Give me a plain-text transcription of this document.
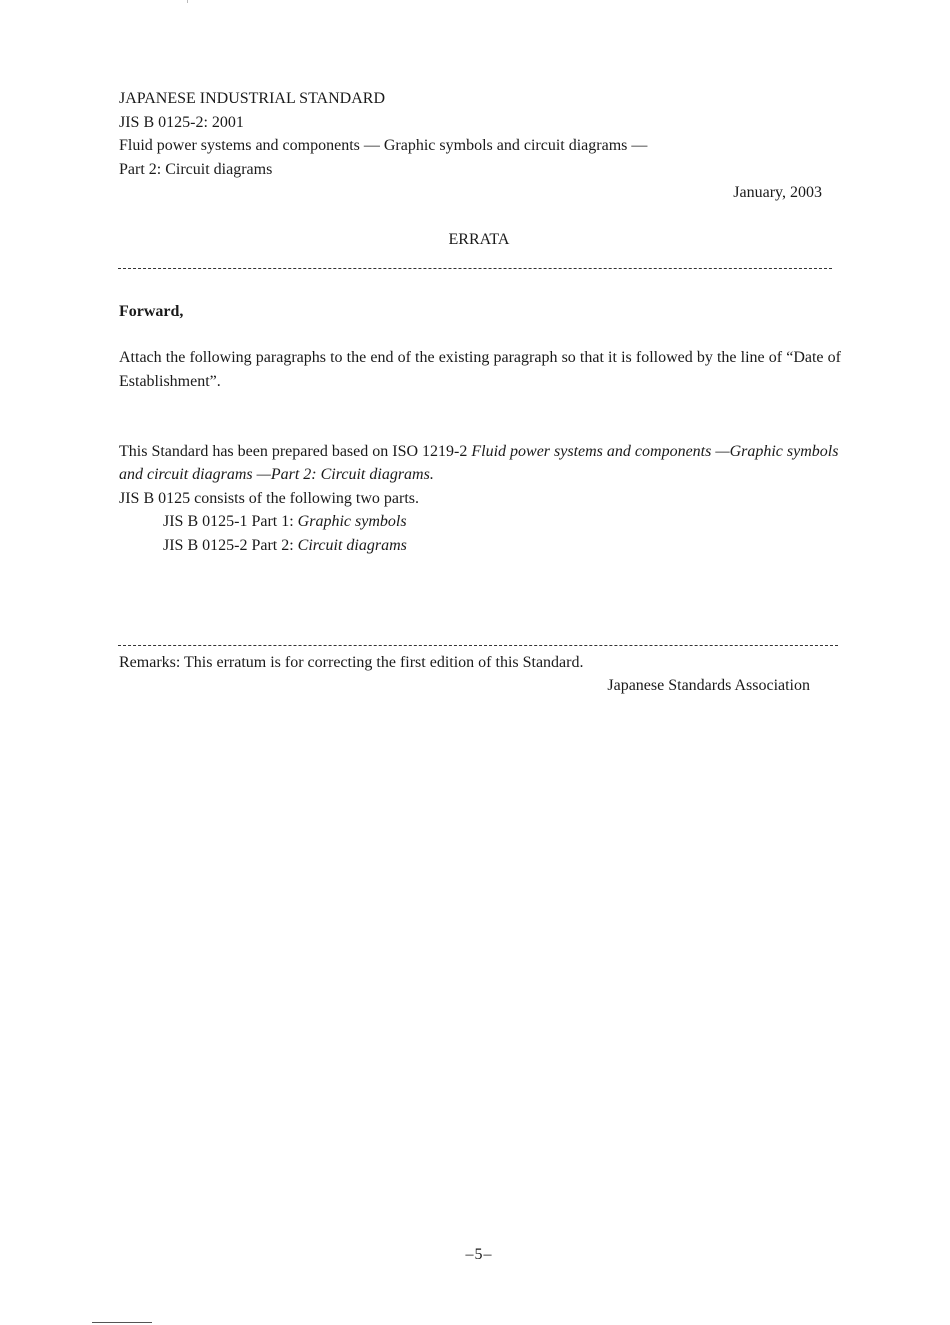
JAPANESE INDUSTRIAL STANDARD
JIS B 0125-2: 2001
Fluid power systems and components — Graphic symbols and circuit diagrams —
Part 2: Circuit diagrams
January, 2003
ERRATA
Forward,
Attach the following paragraphs to the end of the existing paragraph so that it is followed by the line of “Date of Establishment”.
This Standard has been prepared based on ISO 1219-2 Fluid power systems and components —Graphic symbols and circuit diagrams —Part 2: Circuit diagrams.
JIS B 0125 consists of the following two parts.
JIS B 0125-1 Part 1: Graphic symbols
JIS B 0125-2 Part 2: Circuit diagrams
Remarks: This erratum is for correcting the first edition of this Standard.
Japanese Standards Association
–5–
